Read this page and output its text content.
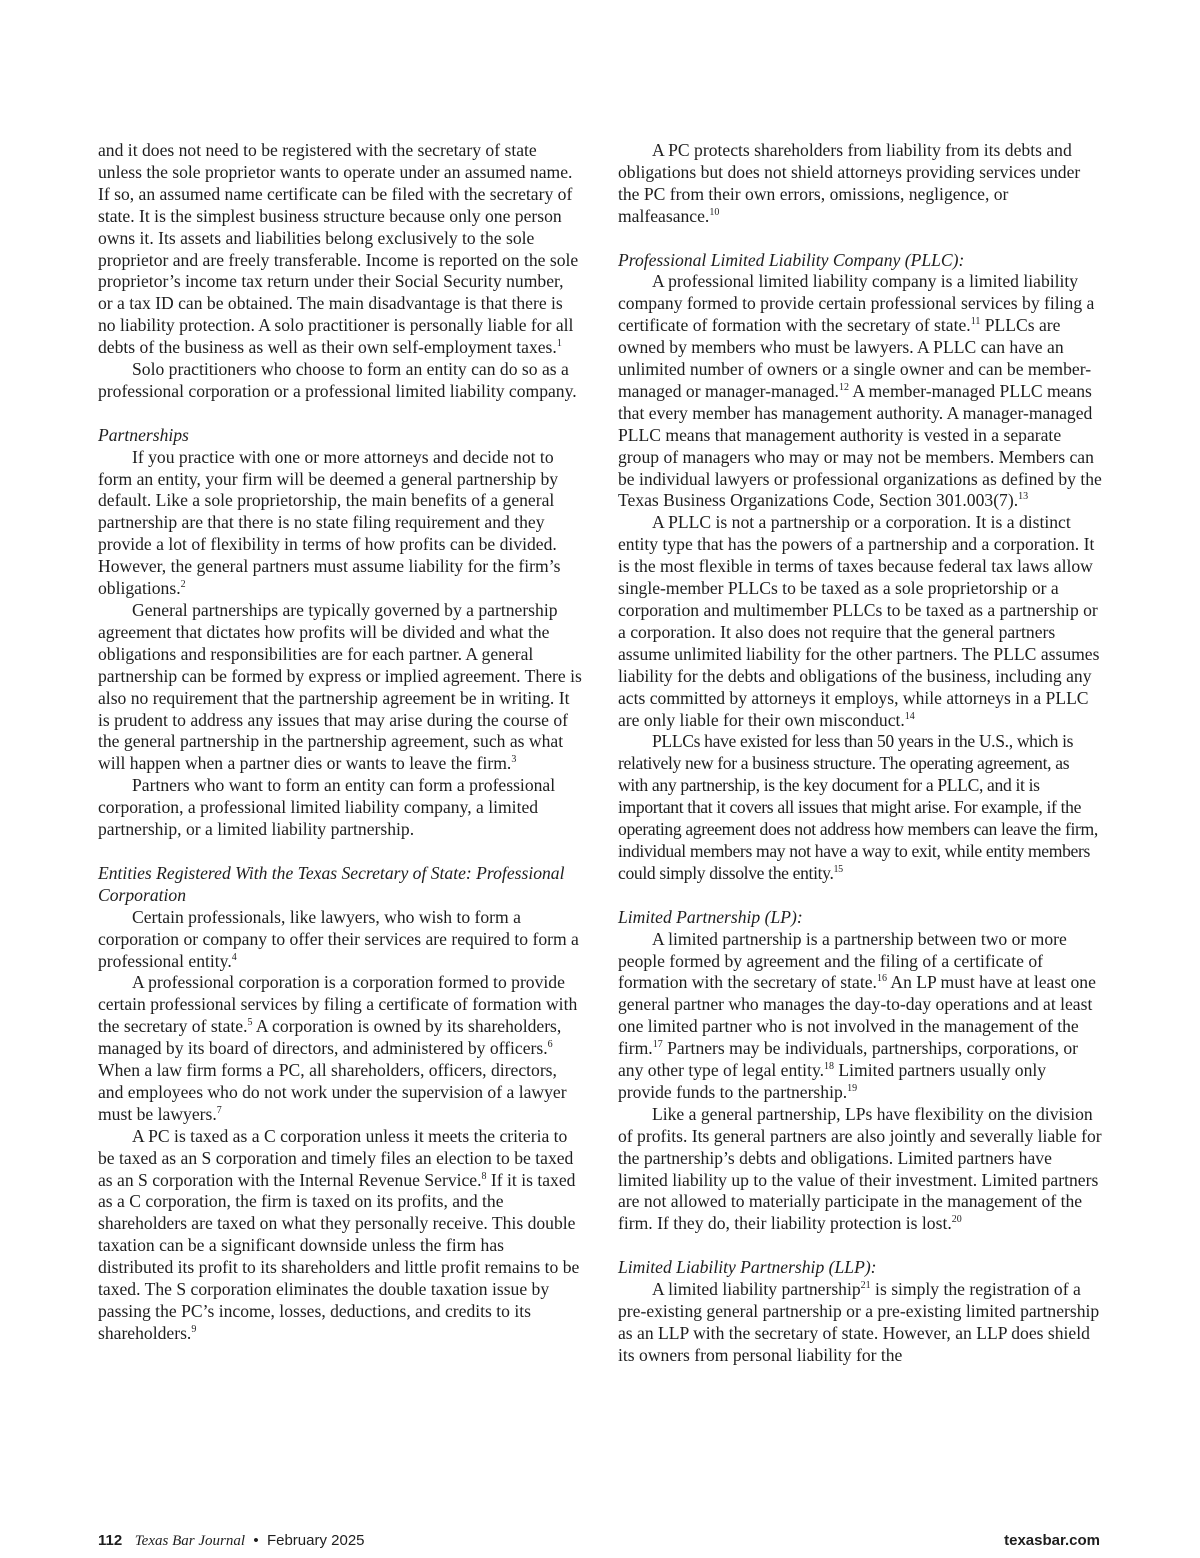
and it does not need to be registered with the secretary of state unless the sole proprietor wants to operate under an assumed name. If so, an assumed name certificate can be filed with the secretary of state. It is the simplest business structure because only one person owns it. Its assets and liabilities belong exclusively to the sole proprietor and are freely transferable. Income is reported on the sole proprietor’s income tax return under their Social Security number, or a tax ID can be obtained. The main disadvantage is that there is no liability protection. A solo practitioner is personally liable for all debts of the business as well as their own self-employment taxes.$^1$

Solo practitioners who choose to form an entity can do so as a professional corporation or a professional limited liability company.

Partnerships

If you practice with one or more attorneys and decide not to form an entity, your firm will be deemed a general partnership by default. Like a sole proprietorship, the main benefits of a general partnership are that there is no state filing requirement and they provide a lot of flexibility in terms of how profits can be divided. However, the general partners must assume liability for the firm’s obligations.$^2$

General partnerships are typically governed by a partnership agreement that dictates how profits will be divided and what the obligations and responsibilities are for each partner. A general partnership can be formed by express or implied agreement. There is also no requirement that the partnership agreement be in writing. It is prudent to address any issues that may arise during the course of the general partnership in the partnership agreement, such as what will happen when a partner dies or wants to leave the firm.$^3$

Partners who want to form an entity can form a professional corporation, a professional limited liability company, a limited partnership, or a limited liability partnership.

Entities Registered With the Texas Secretary of State: Professional Corporation

Certain professionals, like lawyers, who wish to form a corporation or company to offer their services are required to form a professional entity.$^4$

A professional corporation is a corporation formed to provide certain professional services by filing a certificate of formation with the secretary of state.$^5$ A corporation is owned by its shareholders, managed by its board of directors, and administered by officers.$^6$ When a law firm forms a PC, all shareholders, officers, directors, and employees who do not work under the supervision of a lawyer must be lawyers.$^7$

A PC is taxed as a C corporation unless it meets the criteria to be taxed as an S corporation and timely files an election to be taxed as an S corporation with the Internal Revenue Service.$^8$ If it is taxed as a C corporation, the firm is taxed on its profits, and the shareholders are taxed on what they personally receive. This double taxation can be a significant downside unless the firm has distributed its profit to its shareholders and little profit remains to be taxed. The S corporation eliminates the double taxation issue by passing the PC’s income, losses, deductions, and credits to its shareholders.$^9$

A PC protects shareholders from liability from its debts and obligations but does not shield attorneys providing services under the PC from their own errors, omissions, negligence, or malfeasance.$^{10}$

Professional Limited Liability Company (PLLC):

A professional limited liability company is a limited liability company formed to provide certain professional services by filing a certificate of formation with the secretary of state.$^{11}$ PLLCs are owned by members who must be lawyers. A PLLC can have an unlimited number of owners or a single owner and can be member-managed or manager-managed.$^{12}$ A member-managed PLLC means that every member has management authority. A manager-managed PLLC means that management authority is vested in a separate group of managers who may or may not be members. Members can be individual lawyers or professional organizations as defined by the Texas Business Organizations Code, Section 301.003(7).$^{13}$

A PLLC is not a partnership or a corporation. It is a distinct entity type that has the powers of a partnership and a corporation. It is the most flexible in terms of taxes because federal tax laws allow single-member PLLCs to be taxed as a sole proprietorship or a corporation and multimember PLLCs to be taxed as a partnership or a corporation. It also does not require that the general partners assume unlimited liability for the other partners. The PLLC assumes liability for the debts and obligations of the business, including any acts committed by attorneys it employs, while attorneys in a PLLC are only liable for their own misconduct.$^{14}$

PLLCs have existed for less than 50 years in the U.S., which is relatively new for a business structure. The operating agreement, as with any partnership, is the key document for a PLLC, and it is important that it covers all issues that might arise. For example, if the operating agreement does not address how members can leave the firm, individual members may not have a way to exit, while entity members could simply dissolve the entity.$^{15}$

Limited Partnership (LP):

A limited partnership is a partnership between two or more people formed by agreement and the filing of a certificate of formation with the secretary of state.$^{16}$ An LP must have at least one general partner who manages the day-to-day operations and at least one limited partner who is not involved in the management of the firm.$^{17}$ Partners may be individuals, partnerships, corporations, or any other type of legal entity.$^{18}$ Limited partners usually only provide funds to the partnership.$^{19}$

Like a general partnership, LPs have flexibility on the division of profits. Its general partners are also jointly and severally liable for the partnership’s debts and obligations. Limited partners have limited liability up to the value of their investment. Limited partners are not allowed to materially participate in the management of the firm. If they do, their liability protection is lost.$^{20}$

Limited Liability Partnership (LLP):

A limited liability partnership$^{21}$ is simply the registration of a pre-existing general partnership or a pre-existing limited partnership as an LLP with the secretary of state. However, an LLP does shield its owners from personal liability for the

112 Texas Bar Journal • February 2025	texasbar.com
